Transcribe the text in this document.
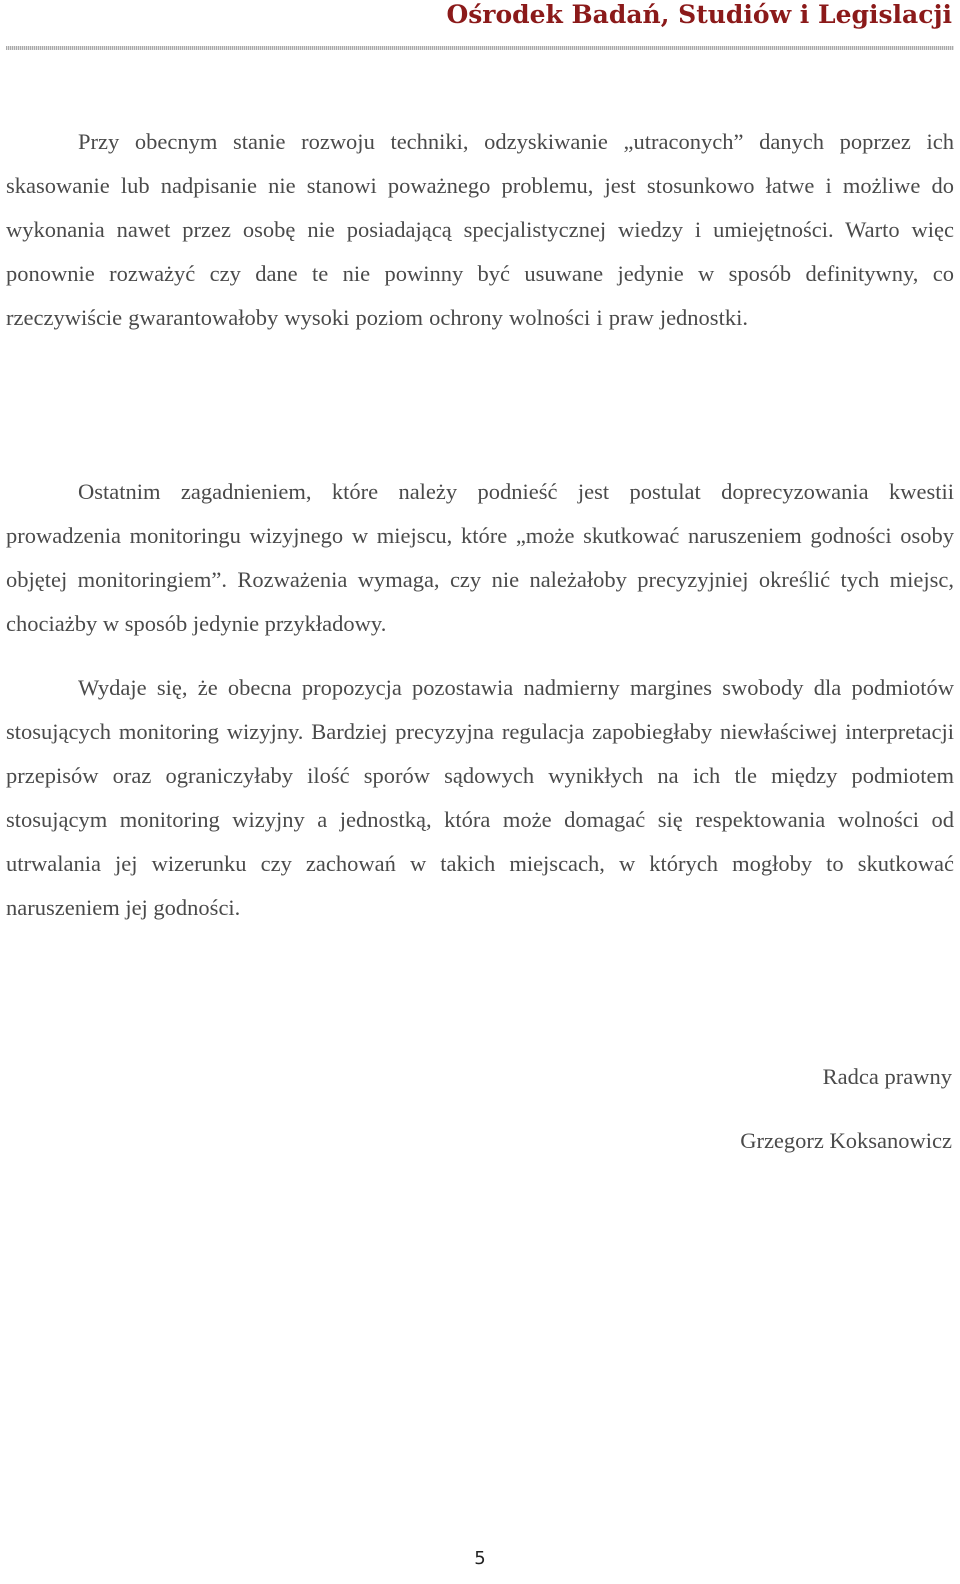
Ośrodek Badań, Studiów i Legislacji

Przy obecnym stanie rozwoju techniki, odzyskiwanie „utraconych” danych poprzez ich skasowanie lub nadpisanie nie stanowi poważnego problemu, jest stosunkowo łatwe i możliwe do wykonania nawet przez osobę nie posiadającą specjalistycznej wiedzy i umiejętności. Warto więc ponownie rozważyć czy dane te nie powinny być usuwane jedynie w sposób definitywny, co rzeczywiście gwarantowałoby wysoki poziom ochrony wolności i praw jednostki.

Ostatnim zagadnieniem, które należy podnieść jest postulat doprecyzowania kwestii prowadzenia monitoringu wizyjnego w miejscu, które „może skutkować naruszeniem godności osoby objętej monitoringiem”. Rozważenia wymaga, czy nie należałoby precyzyjniej określić tych miejsc, chociażby w sposób jedynie przykładowy.

Wydaje się, że obecna propozycja pozostawia nadmierny margines swobody dla podmiotów stosujących monitoring wizyjny. Bardziej precyzyjna regulacja zapobiegłaby niewłaściwej interpretacji przepisów oraz ograniczyłaby ilość sporów sądowych wynikłych na ich tle między podmiotem stosującym monitoring wizyjny a jednostką, która może domagać się respektowania wolności od utrwalania jej wizerunku czy zachowań w takich miejscach, w których mogłoby to skutkować naruszeniem jej godności.

Radca prawny
Grzegorz Koksanowicz
5
